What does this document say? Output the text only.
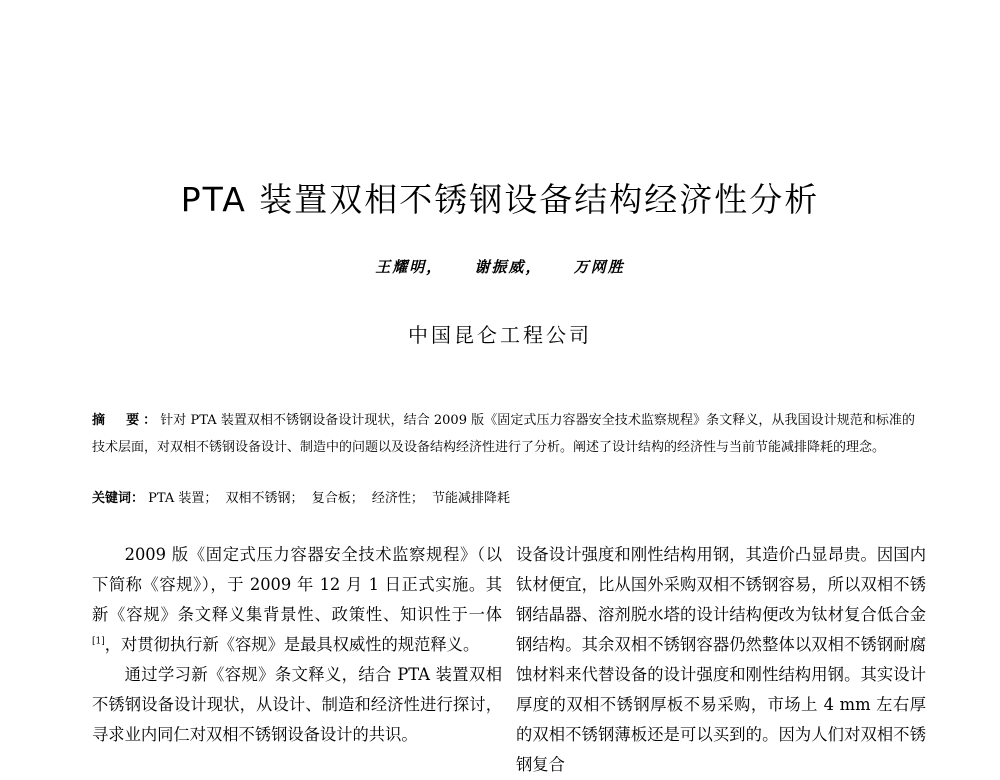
PTA 装置双相不锈钢设备结构经济性分析
王耀明， 谢振威， 万网胜
中国昆仑工程公司
摘　要：针对 PTA 装置双相不锈钢设备设计现状，结合 2009 版《固定式压力容器安全技术监察规程》条文释义，从我国设计规范和标准的技术层面，对双相不锈钢设备设计、制造中的问题以及设备结构经济性进行了分析。阐述了设计结构的经济性与当前节能减排降耗的理念。
关键词： PTA 装置； 双相不锈钢； 复合板； 经济性； 节能减排降耗

2009 版《固定式压力容器安全技术监察规程》（以下简称《容规》），于 2009 年 12 月 1 日正式实施。其新《容规》条文释义集背景性、政策性、知识性于一体[1]，对贯彻执行新《容规》是最具权威性的规范释义。

通过学习新《容规》条文释义，结合 PTA 装置双相不锈钢设备设计现状，从设计、制造和经济性进行探讨，寻求业内同仁对双相不锈钢设备设计的共识。

设备设计强度和刚性结构用钢，其造价凸显昂贵。因国内钛材便宜，比从国外采购双相不锈钢容易，所以双相不锈钢结晶器、溶剂脱水塔的设计结构便改为钛材复合低合金钢结构。其余双相不锈钢容器仍然整体以双相不锈钢耐腐蚀材料来代替设备的设计强度和刚性结构用钢。其实设计厚度的双相不锈钢厚板不易采购，市场上 4 mm 左右厚的双相不锈钢薄板还是可以买到的。因为人们对双相不锈钢复合
